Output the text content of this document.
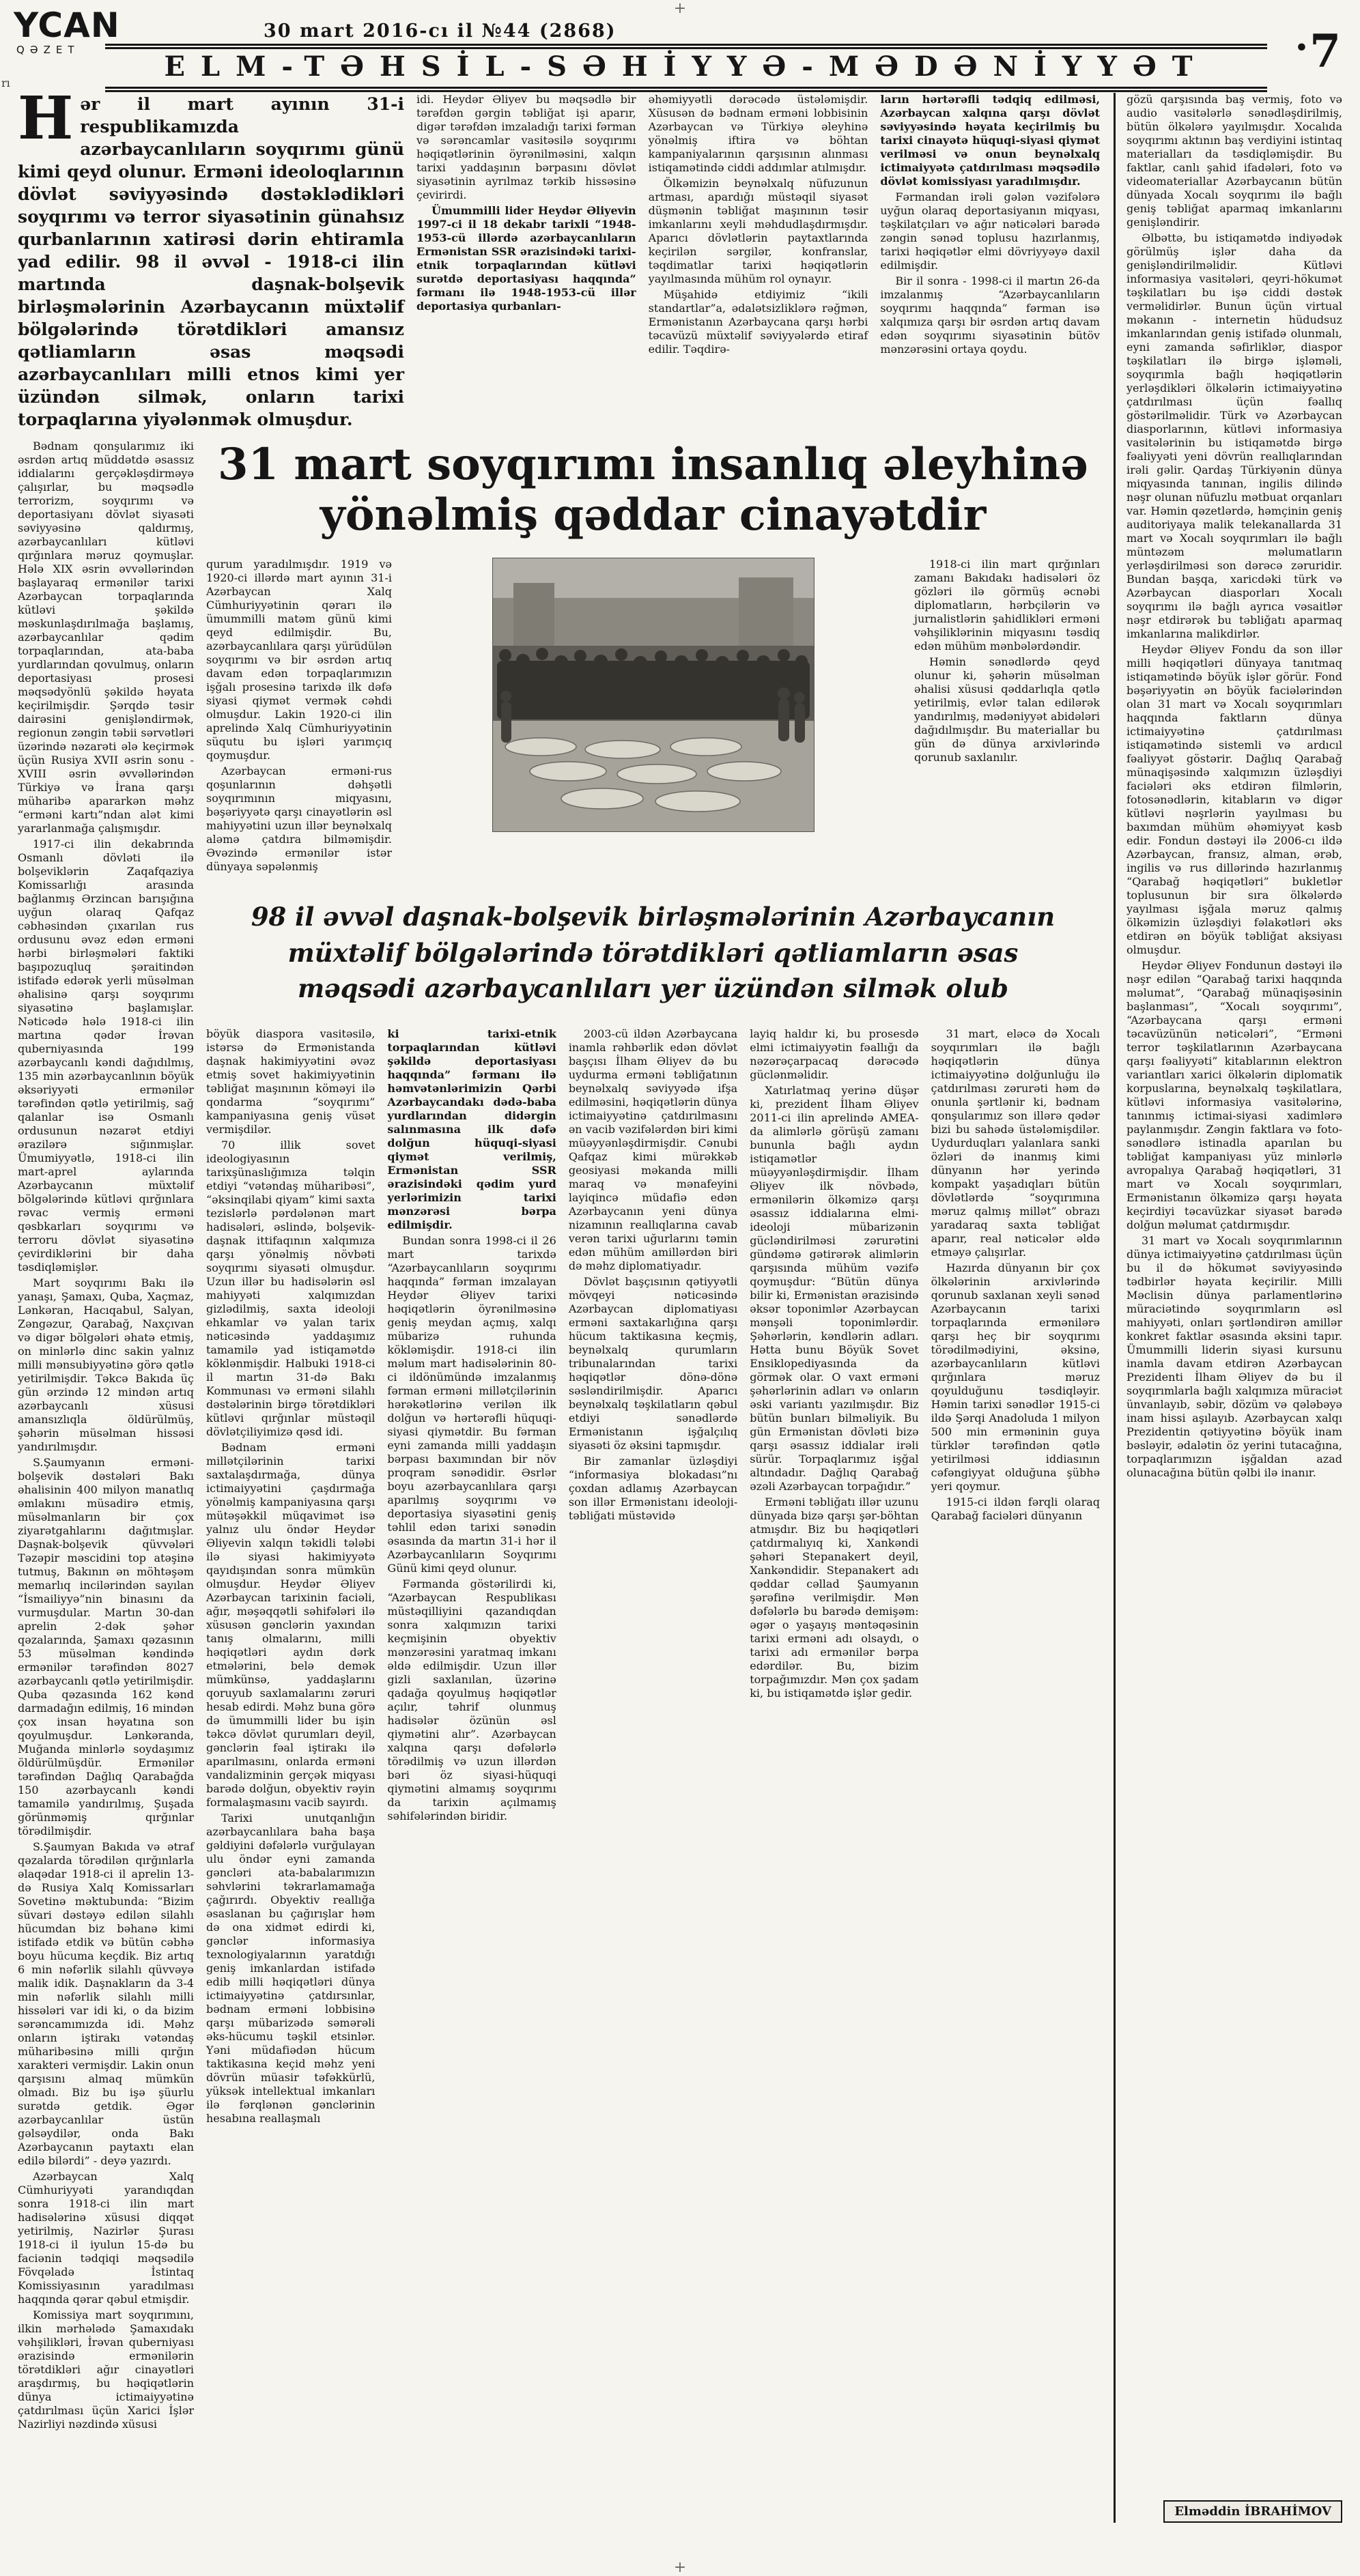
+
rı
YCAN
QƏZET
30 mart 2016-cı il №44 (2868)
•7
ELM-TƏHSİL-SƏHİYYƏ-MƏDƏNİYYƏT
Hər il mart ayının 31-i respublikamızda azərbaycanlıların soyqırımı günü kimi qeyd olunur. Erməni ideoloqlarının dövlət səviyyəsində dəstəklədikləri soyqırımı və terror siyasətinin günahsız qurbanlarının xatirəsi dərin ehtiramla yad edilir. 98 il əvvəl - 1918-ci ilin martında daşnak-bolşevik birləşmələrinin Azərbaycanın müxtəlif bölgələrində törətdikləri amansız qətliamların əsas məqsədi azərbaycanlıları milli etnos kimi yer üzündən silmək, onların tarixi torpaqlarına yiyələnmək olmuşdur.

idi. Heydər Əliyev bu məqsədlə bir tərəfdən gərgin təbliğat işi aparır, digər tərəfdən imzaladığı tarixi fərman və sərəncamlar vasitəsilə soyqırımı həqiqətlərinin öyrənilməsini, xalqın tarixi yaddaşının bərpasını dövlət siyasətinin ayrılmaz tərkib hissəsinə çevirirdi.

Ümummilli lider Heydər Əliyevin 1997-ci il 18 dekabr tarixli “1948-1953-cü illərdə azərbaycanlıların Ermənistan SSR ərazisindəki tarixi-etnik torpaqlarından kütləvi surətdə deportasiyası haqqında” fərmanı ilə 1948-1953-cü illər deportasiya qurbanları-

əhəmiyyətli dərəcədə üstələmişdir. Xüsusən də bədnam erməni lobbisinin Azərbaycan və Türkiyə əleyhinə yönəlmiş iftira və böhtan kampaniyalarının qarşısının alınması istiqamətində ciddi addımlar atılmışdır.

Ölkəmizin beynəlxalq nüfuzunun artması, apardığı müstəqil siyasət düşmənin təbliğat maşınının təsir imkanlarını xeyli məhdudlaşdırmışdır. Aparıcı dövlətlərin paytaxtlarında keçirilən sərgilər, konfranslar, təqdimatlar tarixi həqiqətlərin yayılmasında mühüm rol oynayır.

Müşahidə etdiyimiz “ikili standartlar”a, ədalətsizliklərə rəğmən, Ermənistanın Azərbaycana qarşı hərbi təcavüzü müxtəlif səviyyələrdə etiraf edilir. Təqdirə-

ların hərtərəfli tədqiq edilməsi, Azərbaycan xalqına qarşı dövlət səviyyəsində həyata keçirilmiş bu tarixi cinayətə hüquqi-siyasi qiymət verilməsi və onun beynəlxalq ictimaiyyətə çatdırılması məqsədilə dövlət komissiyası yaradılmışdır.

Fərmandan irəli gələn vəzifələrə uyğun olaraq deportasiyanın miqyası, təşkilatçıları və ağır nəticələri barədə zəngin sənəd toplusu hazırlanmış, tarixi həqiqətlər elmi dövriyyəyə daxil edilmişdir.

Bir il sonra - 1998-ci il martın 26-da imzalanmış “Azərbaycanlıların soyqırımı haqqında” fərman isə xalqımıza qarşı bir əsrdən artıq davam edən soyqırımı siyasətinin bütöv mənzərəsini ortaya qoydu.

Bədnam qonşularımız iki əsrdən artıq müddətdə əsassız iddialarını gerçəkləşdirməyə çalışırlar, bu məqsədlə terrorizm, soyqırımı və deportasiyanı dövlət siyasəti səviyyəsinə qaldırmış, azərbaycanlıları kütləvi qırğınlara məruz qoymuşlar. Hələ XIX əsrin əvvəllərindən başlayaraq ermənilər tarixi Azərbaycan torpaqlarında kütləvi şəkildə məskunlaşdırılmağa başlamış, azərbaycanlılar qədim torpaqlarından, ata-baba yurdlarından qovulmuş, onların deportasiyası prosesi məqsədyönlü şəkildə həyata keçirilmişdir. Şərqdə təsir dairəsini genişləndirmək, regionun zəngin təbii sərvətləri üzərində nəzarəti ələ keçirmək üçün Rusiya XVII əsrin sonu - XVIII əsrin əvvəllərindən Türkiyə və İrana qarşı müharibə apararkən məhz “erməni kartı”ndan alət kimi yararlanmağa çalışmışdır.

1917-ci ilin dekabrında Osmanlı dövləti ilə bolşeviklərin Zaqafqaziya Komissarlığı arasında bağlanmış Ərzincan barışığına uyğun olaraq Qafqaz cəbhəsindən çıxarılan rus ordusunu əvəz edən erməni hərbi birləşmələri faktiki başıpozuqluq şəraitindən istifadə edərək yerli müsəlman əhalisinə qarşı soyqırımı siyasətinə başlamışlar. Nəticədə hələ 1918-ci ilin martına qədər İrəvan quberniyasında 199 azərbaycanlı kəndi dağıdılmış, 135 min azərbaycanlının böyük əksəriyyəti ermənilər tərəfindən qətlə yetirilmiş, sağ qalanlar isə Osmanlı ordusunun nəzarət etdiyi ərazilərə sığınmışlar. Ümumiyyətlə, 1918-ci ilin mart-aprel aylarında Azərbaycanın müxtəlif bölgələrində kütləvi qırğınlara rəvac vermiş erməni qəsbkarları soyqırımı və terroru dövlət siyasətinə çevirdiklərini bir daha təsdiqləmişlər.

Mart soyqırımı Bakı ilə yanaşı, Şamaxı, Quba, Xaçmaz, Lənkəran, Hacıqabul, Salyan, Zəngəzur, Qarabağ, Naxçıvan və digər bölgələri əhatə etmiş, on minlərlə dinc sakin yalnız milli mənsubiyyətinə görə qətlə yetirilmişdir. Təkcə Bakıda üç gün ərzində 12 mindən artıq azərbaycanlı xüsusi amansızlıqla öldürülmüş, şəhərin müsəlman hissəsi yandırılmışdır.

S.Şaumyanın erməni-bolşevik dəstələri Bakı əhalisinin 400 milyon manatlıq əmlakını müsadirə etmiş, müsəlmanların bir çox ziyarətgahlarını dağıtmışlar. Daşnak-bolşevik qüvvələri Təzəpir məscidini top atəşinə tutmuş, Bakının ən möhtəşəm memarlıq incilərindən sayılan “İsmailiyyə”nin binasını da vurmuşdular. Martın 30-dan aprelin 2-dək şəhər qəzalarında, Şamaxı qəzasının 53 müsəlman kəndində ermənilər tərəfindən 8027 azərbaycanlı qətlə yetirilmişdir. Quba qəzasında 162 kənd darmadağın edilmiş, 16 mindən çox insan həyatına son qoyulmuşdur. Lənkəranda, Muğanda minlərlə soydaşımız öldürülmüşdür. Ermənilər tərəfindən Dağlıq Qarabağda 150 azərbaycanlı kəndi tamamilə yandırılmış, Şuşada görünməmiş qırğınlar törədilmişdir.

S.Şaumyan Bakıda və ətraf qəzalarda törədilən qırğınlarla əlaqədar 1918-ci il aprelin 13-də Rusiya Xalq Komissarları Sovetinə məktubunda: “Bizim süvari dəstəyə edilən silahlı hücumdan biz bəhanə kimi istifadə etdik və bütün cəbhə boyu hücuma keçdik. Biz artıq 6 min nəfərlik silahlı qüvvəyə malik idik. Daşnakların da 3-4 min nəfərlik silahlı milli hissələri var idi ki, o da bizim sərəncamımızda idi. Məhz onların iştirakı vətəndaş müharibəsinə milli qırğın xarakteri vermişdir. Lakin onun qarşısını almaq mümkün olmadı. Biz bu işə şüurlu surətdə getdik. Əgər azərbaycanlılar üstün gəlsəydilər, onda Bakı Azərbaycanın paytaxtı elan edilə bilərdi” - deyə yazırdı.

Azərbaycan Xalq Cümhuriyyəti yarandıqdan sonra 1918-ci ilin mart hadisələrinə xüsusi diqqət yetirilmiş, Nazirlər Şurası 1918-ci il iyulun 15-də bu faciənin tədqiqi məqsədilə Fövqəladə İstintaq Komissiyasının yaradılması haqqında qərar qəbul etmişdir.

Komissiya mart soyqırımını, ilkin mərhələdə Şamaxıdakı vəhşilikləri, İrəvan quberniyası ərazisində ermənilərin törətdikləri ağır cinayətləri araşdırmış, bu həqiqətlərin dünya ictimaiyyətinə çatdırılması üçün Xarici İşlər Nazirliyi nəzdində xüsusi

31 mart soyqırımı insanlıq əleyhinə yönəlmiş qəddar cinayətdir

qurum yaradılmışdır. 1919 və 1920-ci illərdə mart ayının 31-i Azərbaycan Xalq Cümhuriyyətinin qərarı ilə ümummilli matəm günü kimi qeyd edilmişdir. Bu, azərbaycanlılara qarşı yürüdülən soyqırımı və bir əsrdən artıq davam edən torpaqlarımızın işğalı prosesinə tarixdə ilk dəfə siyasi qiymət vermək cəhdi olmuşdur. Lakin 1920-ci ilin aprelində Xalq Cümhuriyyətinin süqutu bu işləri yarımçıq qoymuşdur.

Azərbaycan erməni-rus qoşunlarının dəhşətli soyqırımının miqyasını, bəşəriyyətə qarşı cinayətlərin əsl mahiyyətini uzun illər beynəlxalq aləmə çatdıra bilməmişdir. Əvəzində ermənilər istər dünyaya səpələnmiş

1918-ci ilin mart qırğınları zamanı Bakıdakı hadisələri öz gözləri ilə görmüş əcnəbi diplomatların, hərbçilərin və jurnalistlərin şahidlikləri erməni vəhşiliklərinin miqyasını təsdiq edən mühüm mənbələrdəndir.

Həmin sənədlərdə qeyd olunur ki, şəhərin müsəlman əhalisi xüsusi qəddarlıqla qətlə yetirilmiş, evlər talan edilərək yandırılmış, mədəniyyət abidələri dağıdılmışdır. Bu materiallar bu gün də dünya arxivlərində qorunub saxlanılır.

98 il əvvəl daşnak-bolşevik birləşmələrinin Azərbaycanın müxtəlif bölgələrində törətdikləri qətliamların əsas məqsədi azərbaycanlıları yer üzündən silmək olub

böyük diaspora vasitəsilə, istərsə də Ermənistanda daşnak hakimiyyətini əvəz etmiş sovet hakimiyyətinin təbliğat maşınının köməyi ilə qondarma “soyqırımı” kampaniyasına geniş vüsət vermişdilər.

70 illik sovet ideologiyasının tarixşünaslığımıza təlqin etdiyi “vətəndaş müharibəsi”, “əksinqilabi qiyam” kimi saxta tezislərlə pərdələnən mart hadisələri, əslində, bolşevik-daşnak ittifaqının xalqımıza qarşı yönəlmiş növbəti soyqırımı siyasəti olmuşdur. Uzun illər bu hadisələrin əsl mahiyyəti xalqımızdan gizlədilmiş, saxta ideoloji ehkamlar və yalan tarix nəticəsində yaddaşımız tamamilə yad istiqamətdə köklənmişdir. Halbuki 1918-ci il martın 31-də Bakı Kommunası və erməni silahlı dəstələrinin birgə törətdikləri kütləvi qırğınlar müstəqil dövlətçiliyimizə qəsd idi.

Bədnam erməni millətçilərinin tarixi saxtalaşdırmağa, dünya ictimaiyyətini çaşdırmağa yönəlmiş kampaniyasına qarşı mütəşəkkil müqavimət isə yalnız ulu öndər Heydər Əliyevin xalqın təkidli tələbi ilə siyasi hakimiyyətə qayıdışından sonra mümkün olmuşdur. Heydər Əliyev Azərbaycan tarixinin faciəli, ağır, məşəqqətli səhifələri ilə xüsusən gənclərin yaxından tanış olmalarını, milli həqiqətləri aydın dərk etmələrini, belə demək mümkünsə, yaddaşlarını qoruyub saxlamalarını zəruri hesab edirdi. Məhz buna görə də ümummilli lider bu işin təkcə dövlət qurumları deyil, gənclərin fəal iştirakı ilə aparılmasını, onlarda erməni vandalizminin gerçək miqyası barədə dolğun, obyektiv rəyin formalaşmasını vacib sayırdı.

Tarixi unutqanlığın azərbaycanlılara baha başa gəldiyini dəfələrlə vurğulayan ulu öndər eyni zamanda gəncləri ata-babalarımızın səhvlərini təkrarlamamağa çağırırdı. Obyektiv reallığa əsaslanan bu çağırışlar həm də ona xidmət edirdi ki, gənclər informasiya texnologiyalarının yaratdığı geniş imkanlardan istifadə edib milli həqiqətləri dünya ictimaiyyətinə çatdırsınlar, bədnam erməni lobbisinə qarşı mübarizədə səmərəli əks-hücumu təşkil etsinlər. Yəni müdafiədən hücum taktikasına keçid məhz yeni dövrün müasir təfəkkürlü, yüksək intellektual imkanları ilə fərqlənən gənclərinin hesabına reallaşmalı

ki tarixi-etnik torpaqlarından kütləvi şəkildə deportasiyası haqqında” fərmanı ilə həmvətənlərimizin Qərbi Azərbaycandakı dədə-baba yurdlarından didərgin salınmasına ilk dəfə dolğun hüquqi-siyasi qiymət verilmiş, Ermənistan SSR ərazisindəki qədim yurd yerlərimizin tarixi mənzərəsi bərpa edilmişdir.

Bundan sonra 1998-ci il 26 mart tarixdə “Azərbaycanlıların soyqırımı haqqında” fərman imzalayan Heydər Əliyev tarixi həqiqətlərin öyrənilməsinə geniş meydan açmış, xalqı mübarizə ruhunda kökləmişdir. 1918-ci ilin məlum mart hadisələrinin 80-ci ildönümündə imzalanmış fərman erməni millətçilərinin hərəkətlərinə verilən ilk dolğun və hərtərəfli hüquqi-siyasi qiymətdir. Bu fərman eyni zamanda milli yaddaşın bərpası baxımından bir növ proqram sənədidir. Əsrlər boyu azərbaycanlılara qarşı aparılmış soyqırımı və deportasiya siyasətini geniş təhlil edən tarixi sənədin əsasında da martın 31-i hər il Azərbaycanlıların Soyqırımı Günü kimi qeyd olunur.

Fərmanda göstərilirdi ki, “Azərbaycan Respublikası müstəqilliyini qazandıqdan sonra xalqımızın tarixi keçmişinin obyektiv mənzərəsini yaratmaq imkanı əldə edilmişdir. Uzun illər gizli saxlanılan, üzərinə qadağa qoyulmuş həqiqətlər açılır, təhrif olunmuş hadisələr özünün əsl qiymətini alır”. Azərbaycan xalqına qarşı dəfələrlə törədilmiş və uzun illərdən bəri öz siyasi-hüquqi qiymətini almamış soyqırımı da tarixin açılmamış səhifələrindən biridir.

2003-cü ildən Azərbaycana inamla rəhbərlik edən dövlət başçısı İlham Əliyev də bu uydurma erməni təbliğatının beynəlxalq səviyyədə ifşa edilməsini, həqiqətlərin dünya ictimaiyyətinə çatdırılmasını ən vacib vəzifələrdən biri kimi müəyyənləşdirmişdir. Cənubi Qafqaz kimi mürəkkəb geosiyasi məkanda milli maraq və mənafeyini layiqincə müdafiə edən Azərbaycanın yeni dünya nizamının reallıqlarına cavab verən tarixi uğurlarını təmin edən mühüm amillərdən biri də məhz diplomatiyadır.

Dövlət başçısının qətiyyətli mövqeyi nəticəsində Azərbaycan diplomatiyası erməni saxtakarlığına qarşı hücum taktikasına keçmiş, beynəlxalq qurumların tribunalarından tarixi həqiqətlər dönə-dönə səsləndirilmişdir. Aparıcı beynəlxalq təşkilatların qəbul etdiyi sənədlərdə Ermənistanın işğalçılıq siyasəti öz əksini tapmışdır.

Bir zamanlar üzləşdiyi “informasiya blokadası”nı çoxdan adlamış Azərbaycan son illər Ermənistanı ideoloji-təbliğati müstəvidə

layiq haldır ki, bu prosesdə elmi ictimaiyyətin fəallığı da nəzərəçarpacaq dərəcədə güclənməlidir.

Xatırlatmaq yerinə düşər ki, prezident İlham Əliyev 2011-ci ilin aprelində AMEA-da alimlərlə görüşü zamanı bununla bağlı aydın istiqamətlər müəyyənləşdirmişdir. İlham Əliyev ilk növbədə, ermənilərin ölkəmizə qarşı əsassız iddialarına elmi-ideoloji mübarizənin gücləndirilməsi zərurətini gündəmə gətirərək alimlərin qarşısında mühüm vəzifə qoymuşdur: “Bütün dünya bilir ki, Ermənistan ərazisində əksər toponimlər Azərbaycan mənşəli toponimlərdir. Şəhərlərin, kəndlərin adları. Hətta bunu Böyük Sovet Ensiklopediyasında da görmək olar. O vaxt erməni şəhərlərinin adları və onların əski variantı yazılmışdır. Biz bütün bunları bilməliyik. Bu gün Ermənistan dövləti bizə qarşı əsassız iddialar irəli sürür. Torpaqlarımız işğal altındadır. Dağlıq Qarabağ əzəli Azərbaycan torpağıdır.”

Erməni təbliğatı illər uzunu dünyada bizə qarşı şər-böhtan atmışdır. Biz bu həqiqətləri çatdırmalıyıq ki, Xankəndi şəhəri Stepanakert deyil, Xankəndidir. Stepanakert adı qəddar cəllad Şaumyanın şərəfinə verilmişdir. Mən dəfələrlə bu barədə demişəm: əgər o yaşayış məntəqəsinin tarixi erməni adı olsaydı, o tarixi adı ermənilər bərpa edərdilər. Bu, bizim torpağımızdır. Mən çox şadam ki, bu istiqamətdə işlər gedir.

31 mart, eləcə də Xocalı soyqırımları ilə bağlı həqiqətlərin dünya ictimaiyyətinə dolğunluğu ilə çatdırılması zərurəti həm də onunla şərtlənir ki, bədnam qonşularımız son illərə qədər bizi bu sahədə üstələmişdilər. Uydurduqları yalanlara sanki özləri də inanmış kimi dünyanın hər yerində kompakt yaşadıqları bütün dövlətlərdə “soyqırımına məruz qalmış millət” obrazı yaradaraq saxta təbliğat aparır, real nəticələr əldə etməyə çalışırlar.

Hazırda dünyanın bir çox ölkələrinin arxivlərində qorunub saxlanan xeyli sənəd Azərbaycanın tarixi torpaqlarında ermənilərə qarşı heç bir soyqırımı törədilmədiyini, əksinə, azərbaycanlıların kütləvi qırğınlara məruz qoyulduğunu təsdiqləyir. Həmin tarixi sənədlər 1915-ci ildə Şərqi Anadoluda 1 milyon 500 min erməninin guya türklər tərəfindən qətlə yetirilməsi iddiasının cəfəngiyyat olduğuna şübhə yeri qoymur.

1915-ci ildən fərqli olaraq Qarabağ faciələri dünyanın

gözü qarşısında baş vermiş, foto və audio vasitələrlə sənədləşdirilmiş, bütün ölkələrə yayılmışdır. Xocalıda soyqırımı aktının baş verdiyini istintaq materialları da təsdiqləmişdir. Bu faktlar, canlı şahid ifadələri, foto və videomateriallar Azərbaycanın bütün dünyada Xocalı soyqırımı ilə bağlı geniş təbliğat aparmaq imkanlarını genişləndirir.

Əlbəttə, bu istiqamətdə indiyədək görülmüş işlər daha da genişləndirilməlidir. Kütləvi informasiya vasitələri, qeyri-hökumət təşkilatları bu işə ciddi dəstək verməlidirlər. Bunun üçün virtual məkanın - internetin hüdudsuz imkanlarından geniş istifadə olunmalı, eyni zamanda səfirliklər, diaspor təşkilatları ilə birgə işləməli, soyqırımla bağlı həqiqətlərin yerləşdikləri ölkələrin ictimaiyyətinə çatdırılması üçün fəallıq göstərilməlidir. Türk və Azərbaycan diasporlarının, kütləvi informasiya vasitələrinin bu istiqamətdə birgə fəaliyyəti yeni dövrün reallıqlarından irəli gəlir. Qardaş Türkiyənin dünya miqyasında tanınan, ingilis dilində nəşr olunan nüfuzlu mətbuat orqanları var. Həmin qəzetlərdə, həmçinin geniş auditoriyaya malik telekanallarda 31 mart və Xocalı soyqırımları ilə bağlı müntəzəm məlumatların yerləşdirilməsi son dərəcə zəruridir. Bundan başqa, xaricdəki türk və Azərbaycan diasporları Xocalı soyqırımı ilə bağlı ayrıca vəsaitlər nəşr etdirərək bu təbliğatı aparmaq imkanlarına malikdirlər.

Heydər Əliyev Fondu da son illər milli həqiqətləri dünyaya tanıtmaq istiqamətində böyük işlər görür. Fond bəşəriyyətin ən böyük faciələrindən olan 31 mart və Xocalı soyqırımları haqqında faktların dünya ictimaiyyətinə çatdırılması istiqamətində sistemli və ardıcıl fəaliyyət göstərir. Dağlıq Qarabağ münaqişəsində xalqımızın üzləşdiyi faciələri əks etdirən filmlərin, fotosənədlərin, kitabların və digər kütləvi nəşrlərin yayılması bu baxımdan mühüm əhəmiyyət kəsb edir. Fondun dəstəyi ilə 2006-cı ildə Azərbaycan, fransız, alman, ərəb, ingilis və rus dillərində hazırlanmış “Qarabağ həqiqətləri” bukletlər toplusunun bir sıra ölkələrdə yayılması işğala məruz qalmış ölkəmizin üzləşdiyi fəlakətləri əks etdirən ən böyük təbliğat aksiyası olmuşdur.

Heydər Əliyev Fondunun dəstəyi ilə nəşr edilən “Qarabağ tarixi haqqında məlumat”, “Qarabağ münaqişəsinin başlanması”, “Xocalı soyqırımı”, “Azərbaycana qarşı erməni təcavüzünün nəticələri”, “Erməni terror təşkilatlarının Azərbaycana qarşı fəaliyyəti” kitablarının elektron variantları xarici ölkələrin diplomatik korpuslarına, beynəlxalq təşkilatlara, kütləvi informasiya vasitələrinə, tanınmış ictimai-siyasi xadimlərə paylanmışdır. Zəngin faktlara və foto-sənədlərə istinadla aparılan bu təbliğat kampaniyası yüz minlərlə avropalıya Qarabağ həqiqətləri, 31 mart və Xocalı soyqırımları, Ermənistanın ölkəmizə qarşı həyata keçirdiyi təcavüzkar siyasət barədə dolğun məlumat çatdırmışdır.

31 mart və Xocalı soyqırımlarının dünya ictimaiyyətinə çatdırılması üçün bu il də hökumət səviyyəsində tədbirlər həyata keçirilir. Milli Məclisin dünya parlamentlərinə müraciətində soyqırımların əsl mahiyyəti, onları şərtləndirən amillər konkret faktlar əsasında əksini tapır. Ümummilli liderin siyasi kursunu inamla davam etdirən Azərbaycan Prezidenti İlham Əliyev də bu il soyqırımlarla bağlı xalqımıza müraciət ünvanlayıb, səbir, dözüm və qələbəyə inam hissi aşılayıb. Azərbaycan xalqı Prezidentin qətiyyətinə böyük inam bəsləyir, ədalətin öz yerini tutacağına, torpaqlarımızın işğaldan azad olunacağına bütün qəlbi ilə inanır.

Elməddin İBRAHİMOV
+
